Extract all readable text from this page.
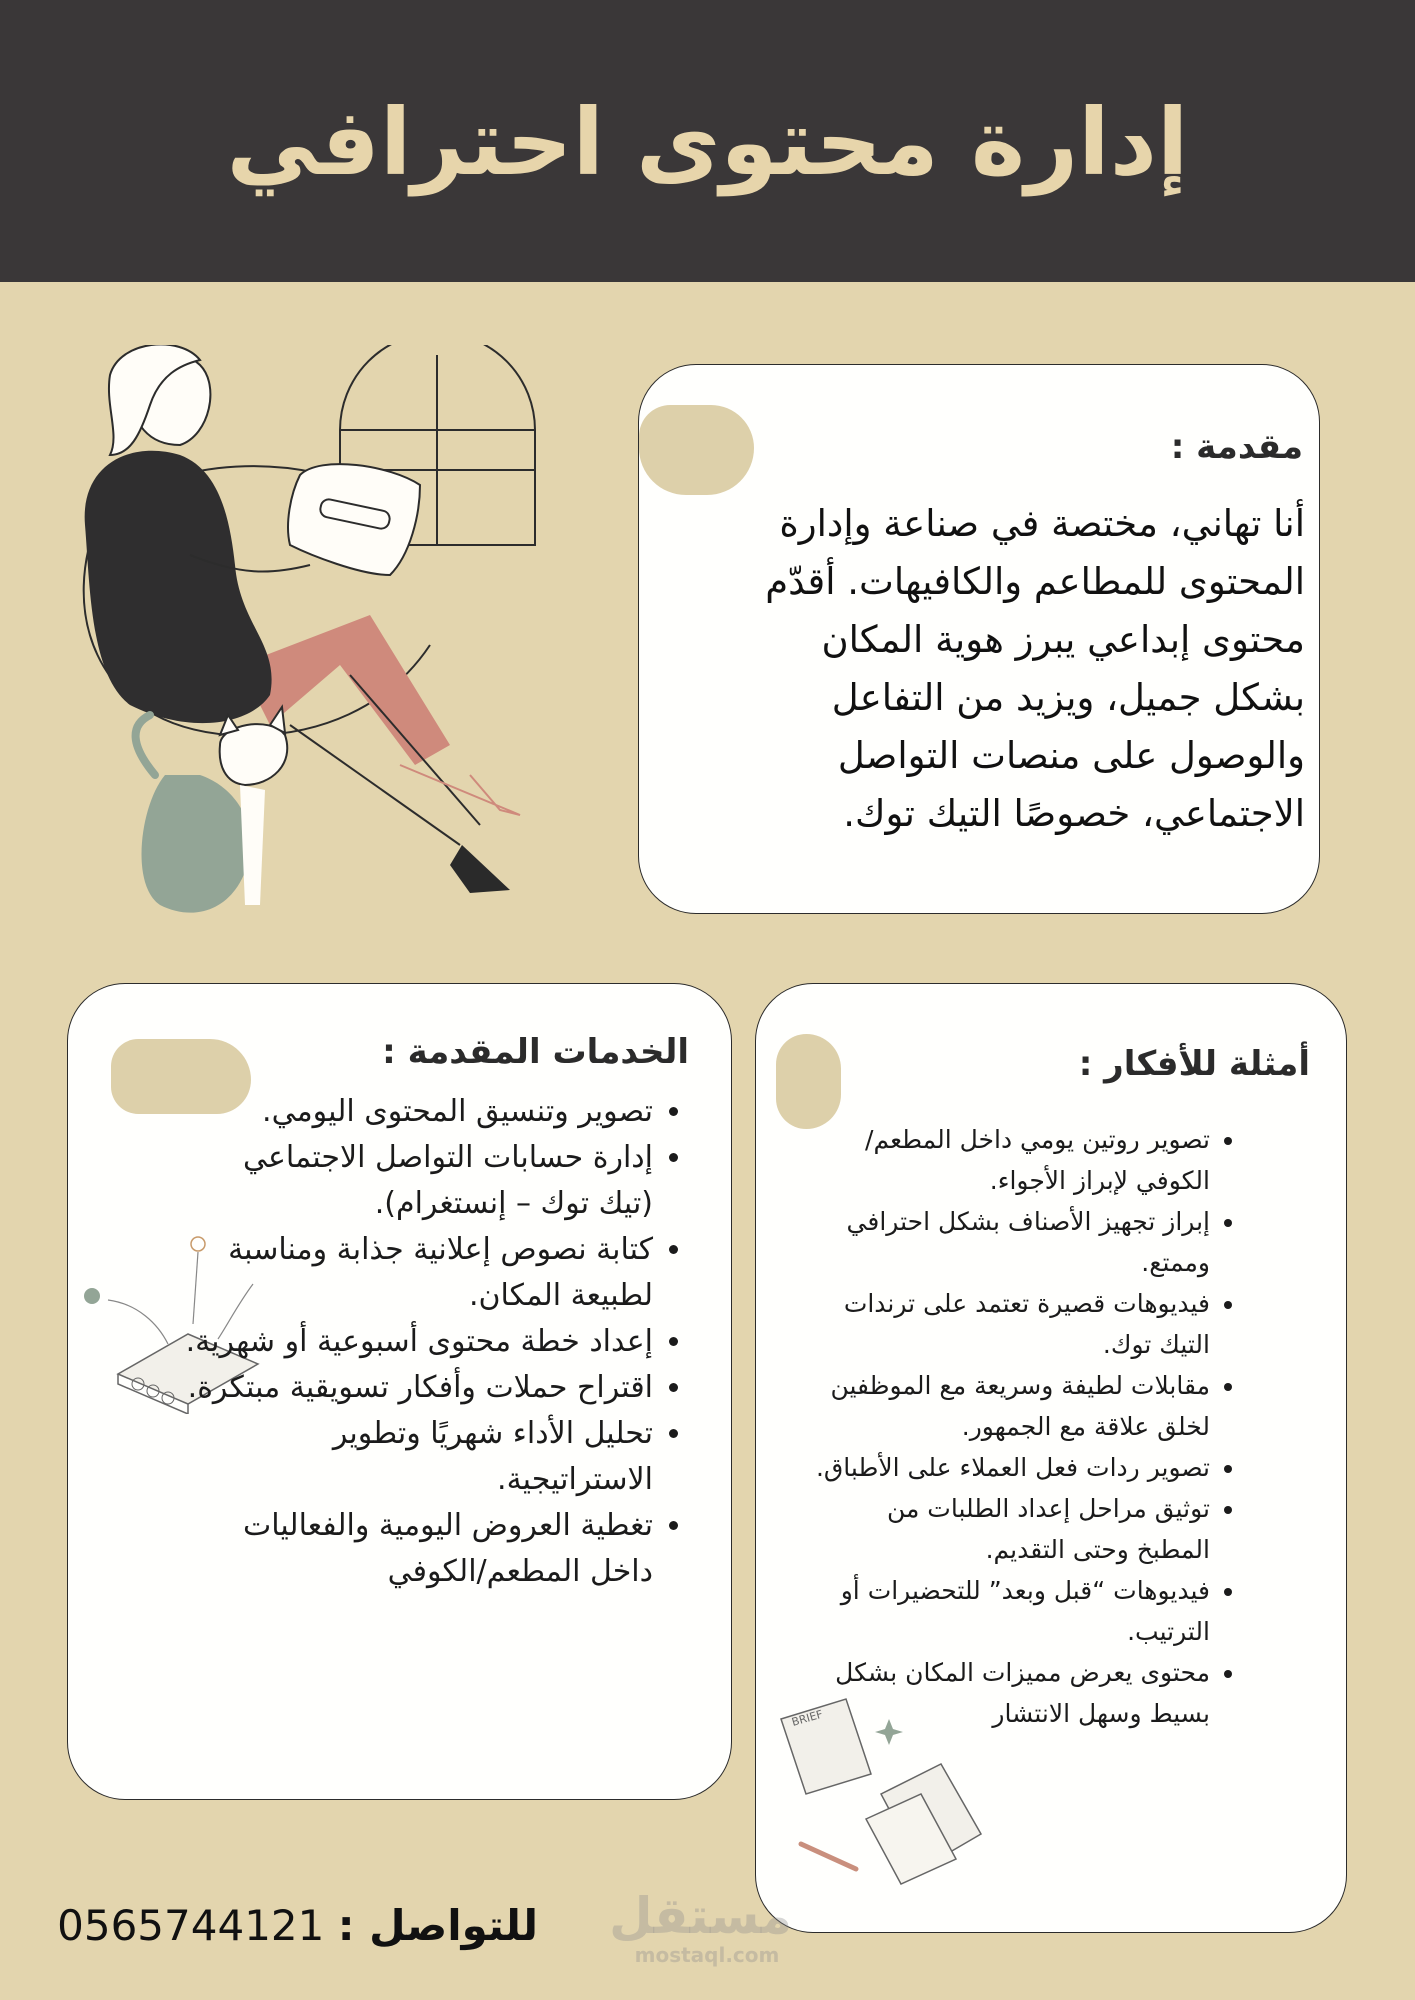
إدارة محتوى احترافي
مقدمة :
أنا تهاني، مختصة في صناعة وإدارة
المحتوى للمطاعم والكافيهات. أقدّم
محتوى إبداعي يبرز هوية المكان
بشكل جميل، ويزيد من التفاعل
والوصول على منصات التواصل
الاجتماعي، خصوصًا التيك توك.
الخدمات المقدمة :
• تصوير وتنسيق المحتوى اليومي.
• إدارة حسابات التواصل الاجتماعي (تيك توك – إنستغرام).
• كتابة نصوص إعلانية جذابة ومناسبة لطبيعة المكان.
• إعداد خطة محتوى أسبوعية أو شهرية.
• اقتراح حملات وأفكار تسويقية مبتكرة.
• تحليل الأداء شهريًا وتطوير الاستراتيجية.
• تغطية العروض اليومية والفعاليات داخل المطعم/الكوفي
أمثلة للأفكار :
BRIEF
• تصوير روتين يومي داخل المطعم/الكوفي لإبراز الأجواء.
• إبراز تجهيز الأصناف بشكل احترافي وممتع.
• فيديوهات قصيرة تعتمد على ترندات التيك توك.
• مقابلات لطيفة وسريعة مع الموظفين لخلق علاقة مع الجمهور.
• تصوير ردات فعل العملاء على الأطباق.
• توثيق مراحل إعداد الطلبات من المطبخ وحتى التقديم.
• فيديوهات “قبل وبعد” للتحضيرات أو الترتيب.
• محتوى يعرض مميزات المكان بشكل بسيط وسهل الانتشار
للتواصل : 0565744121	مستقل
mostaql.com
